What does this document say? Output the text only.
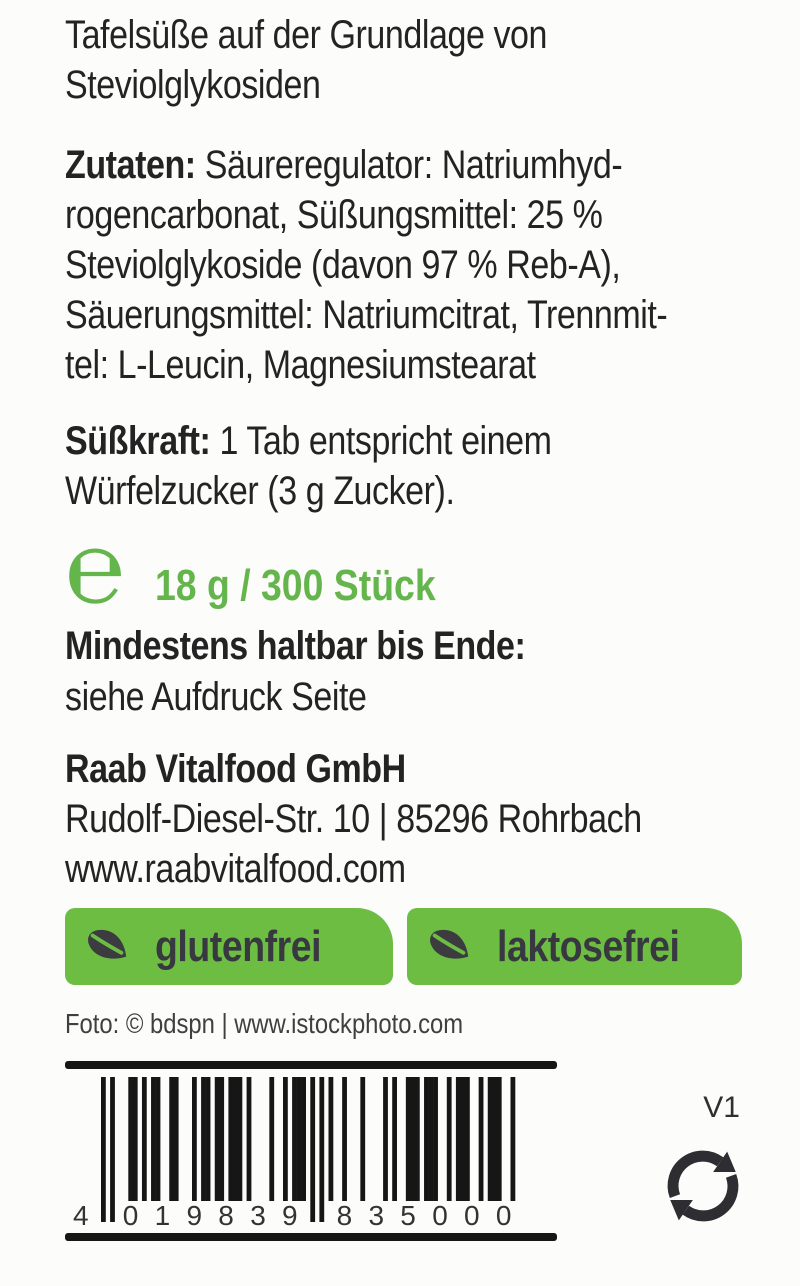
Tafelsüße auf der Grundlage von
Steviolglykosiden
Zutaten: Säureregulator: Natriumhyd-
rogencarbonat, Süßungsmittel: 25 %
Steviolglykoside (davon 97 % Reb-A),
Säuerungsmittel: Natriumcitrat, Trennmit-
tel: L-Leucin, Magnesiumstearat
Süßkraft: 1 Tab entspricht einem
Würfelzucker (3 g Zucker).
℮ 18 g / 300 Stück
Mindestens haltbar bis Ende:
siehe Aufdruck Seite
Raab Vitalfood GmbH
Rudolf-Diesel-Str. 10 | 85296 Rohrbach
www.raabvitalfood.com
glutenfrei	laktosefrei
Foto: © bdspn | www.istockphoto.com
4 0 1 9 8 3 9 8 3 5 0 0 0
V1
